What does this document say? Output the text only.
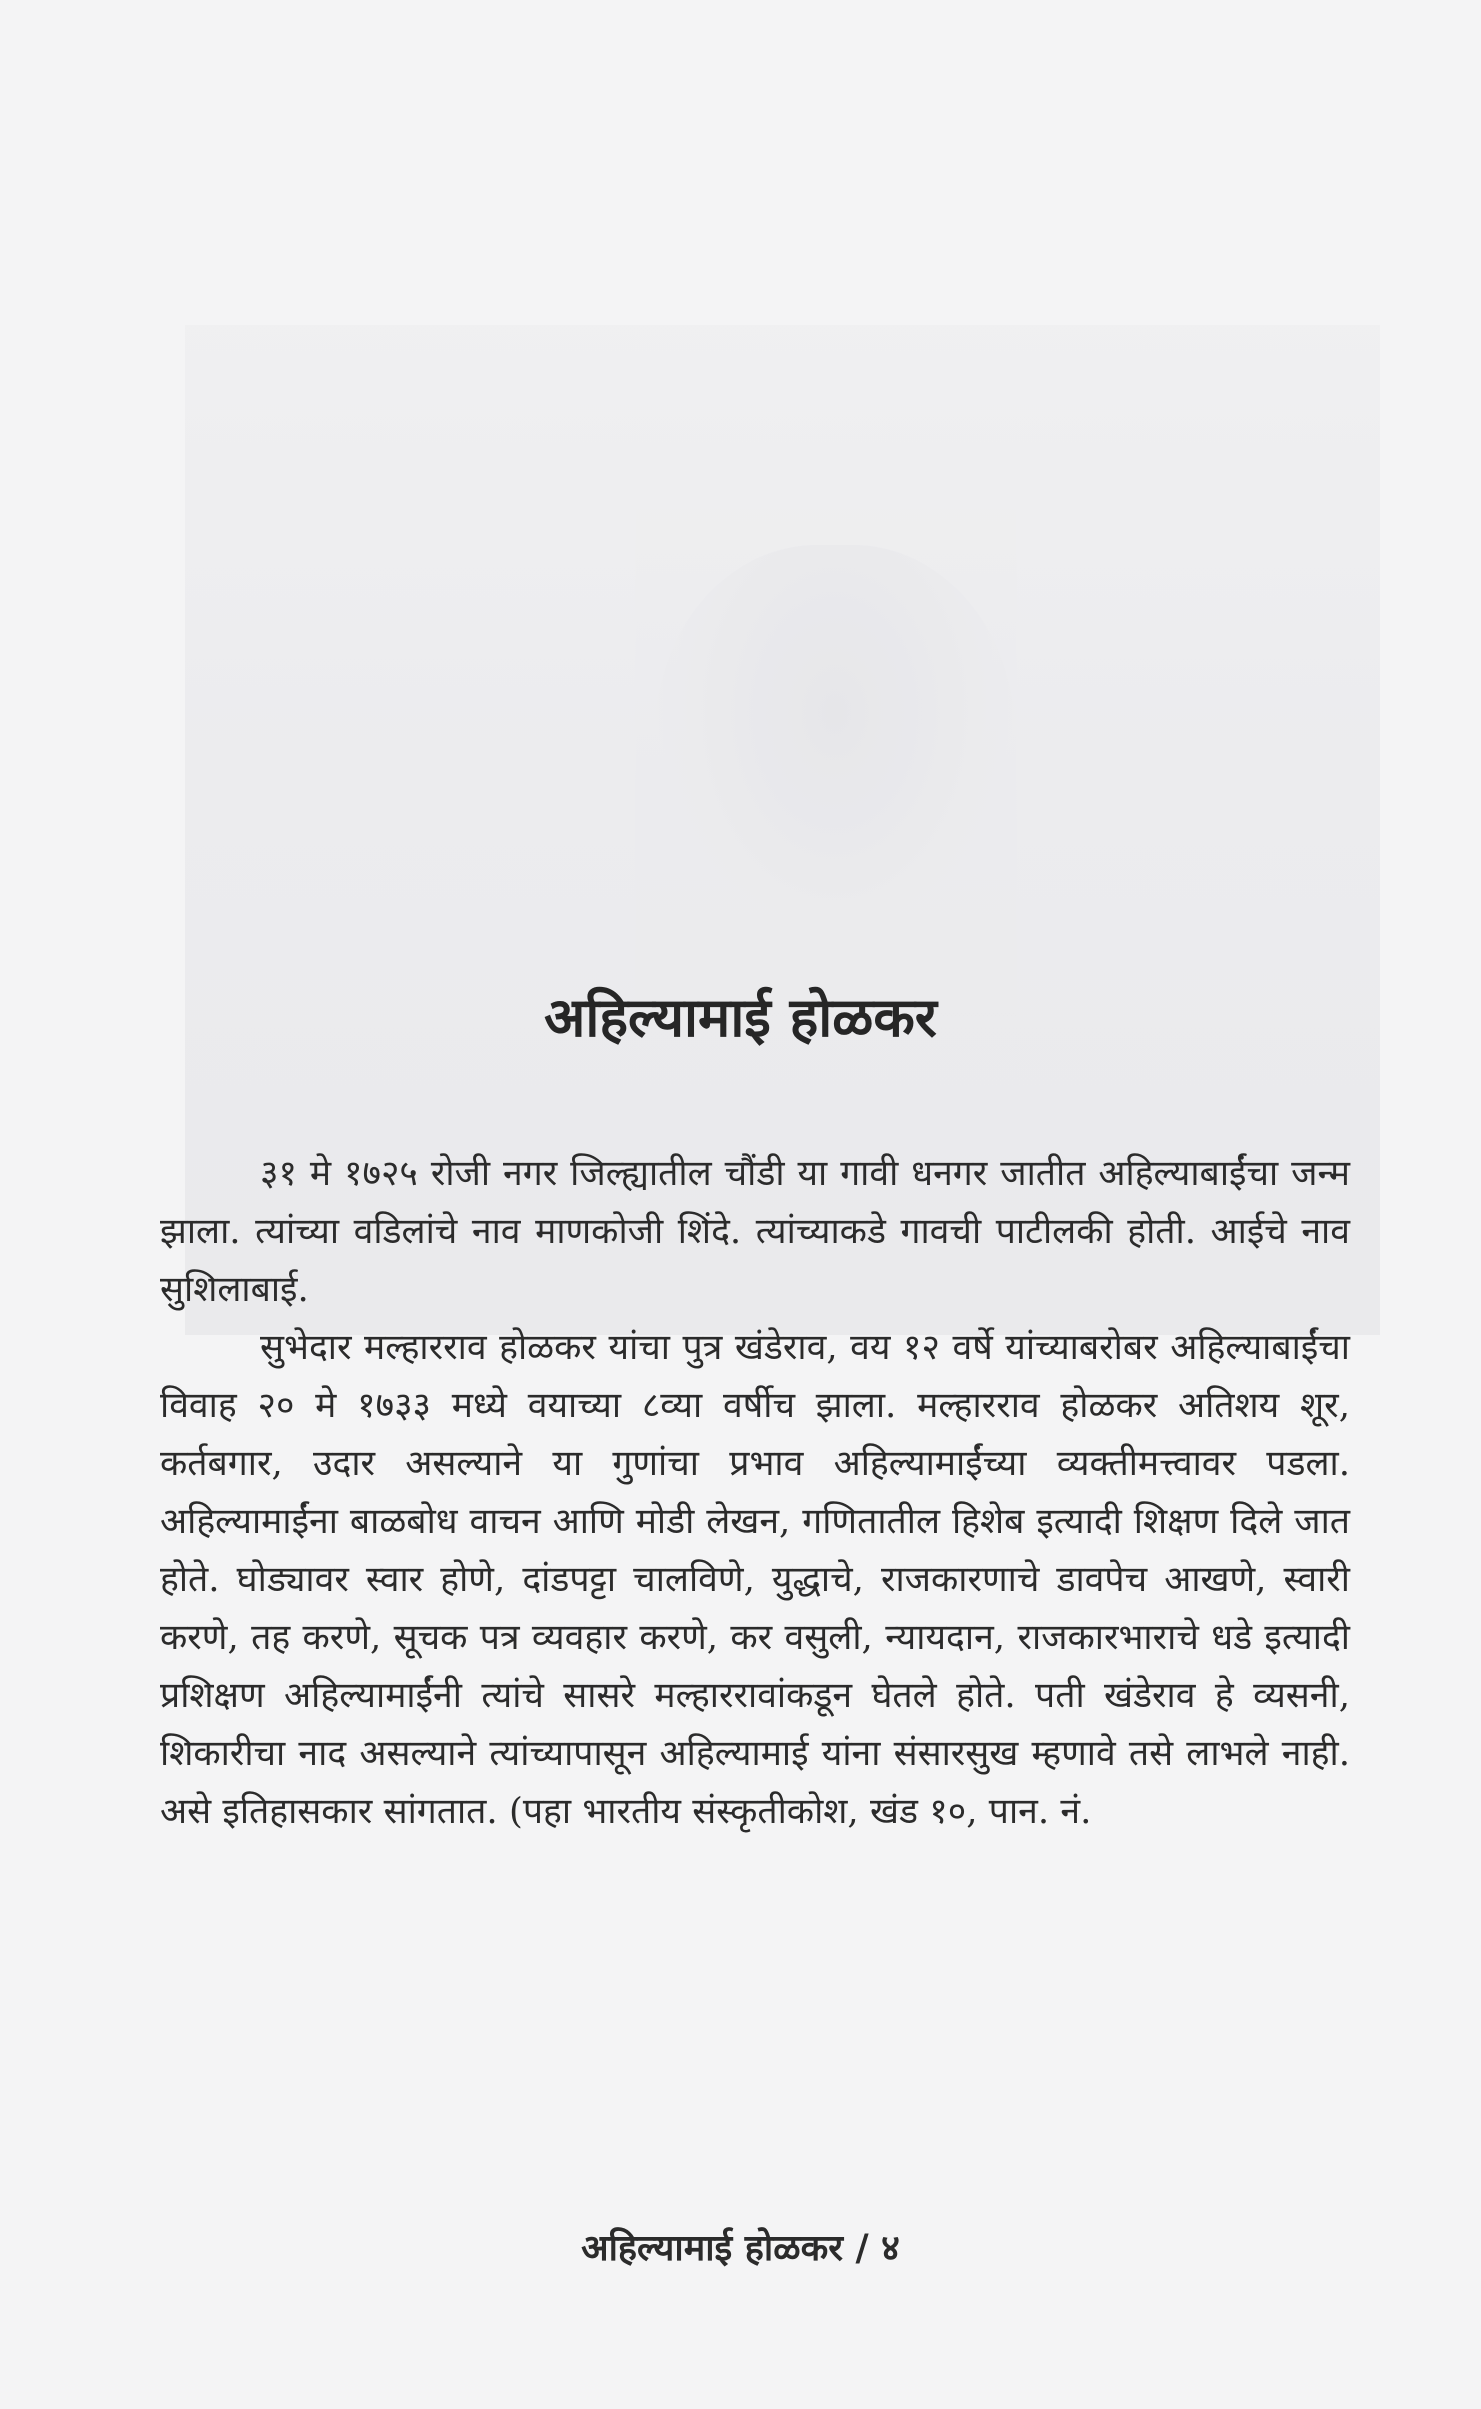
अहिल्यामाई होळकर

३१ मे १७२५ रोजी नगर जिल्ह्यातील चौंडी या गावी धनगर जातीत अहिल्याबाईंचा जन्म झाला. त्यांच्या वडिलांचे नाव माणकोजी शिंदे. त्यांच्याकडे गावची पाटीलकी होती. आईचे नाव सुशिलाबाई.

सुभेदार मल्हारराव होळकर यांचा पुत्र खंडेराव, वय १२ वर्षे यांच्याबरोबर अहिल्याबाईंचा विवाह २० मे १७३३ मध्ये वयाच्या ८व्या वर्षीच झाला. मल्हारराव होळकर अतिशय शूर, कर्तबगार, उदार असल्याने या गुणांचा प्रभाव अहिल्यामाईंच्या व्यक्तीमत्त्वावर पडला. अहिल्यामाईंना बाळबोध वाचन आणि मोडी लेखन, गणितातील हिशेब इत्यादी शिक्षण दिले जात होते. घोड्यावर स्वार होणे, दांडपट्टा चालविणे, युद्धाचे, राजकारणाचे डावपेच आखणे, स्वारी करणे, तह करणे, सूचक पत्र व्यवहार करणे, कर वसुली, न्यायदान, राजकारभाराचे धडे इत्यादी प्रशिक्षण अहिल्यामाईंनी त्यांचे सासरे मल्हाररावांकडून घेतले होते. पती खंडेराव हे व्यसनी, शिकारीचा नाद असल्याने त्यांच्यापासून अहिल्यामाई यांना संसारसुख म्हणावे तसे लाभले नाही. असे इतिहासकार सांगतात. (पहा भारतीय संस्कृतीकोश, खंड १०, पान. नं.

अहिल्यामाई होळकर / ४
